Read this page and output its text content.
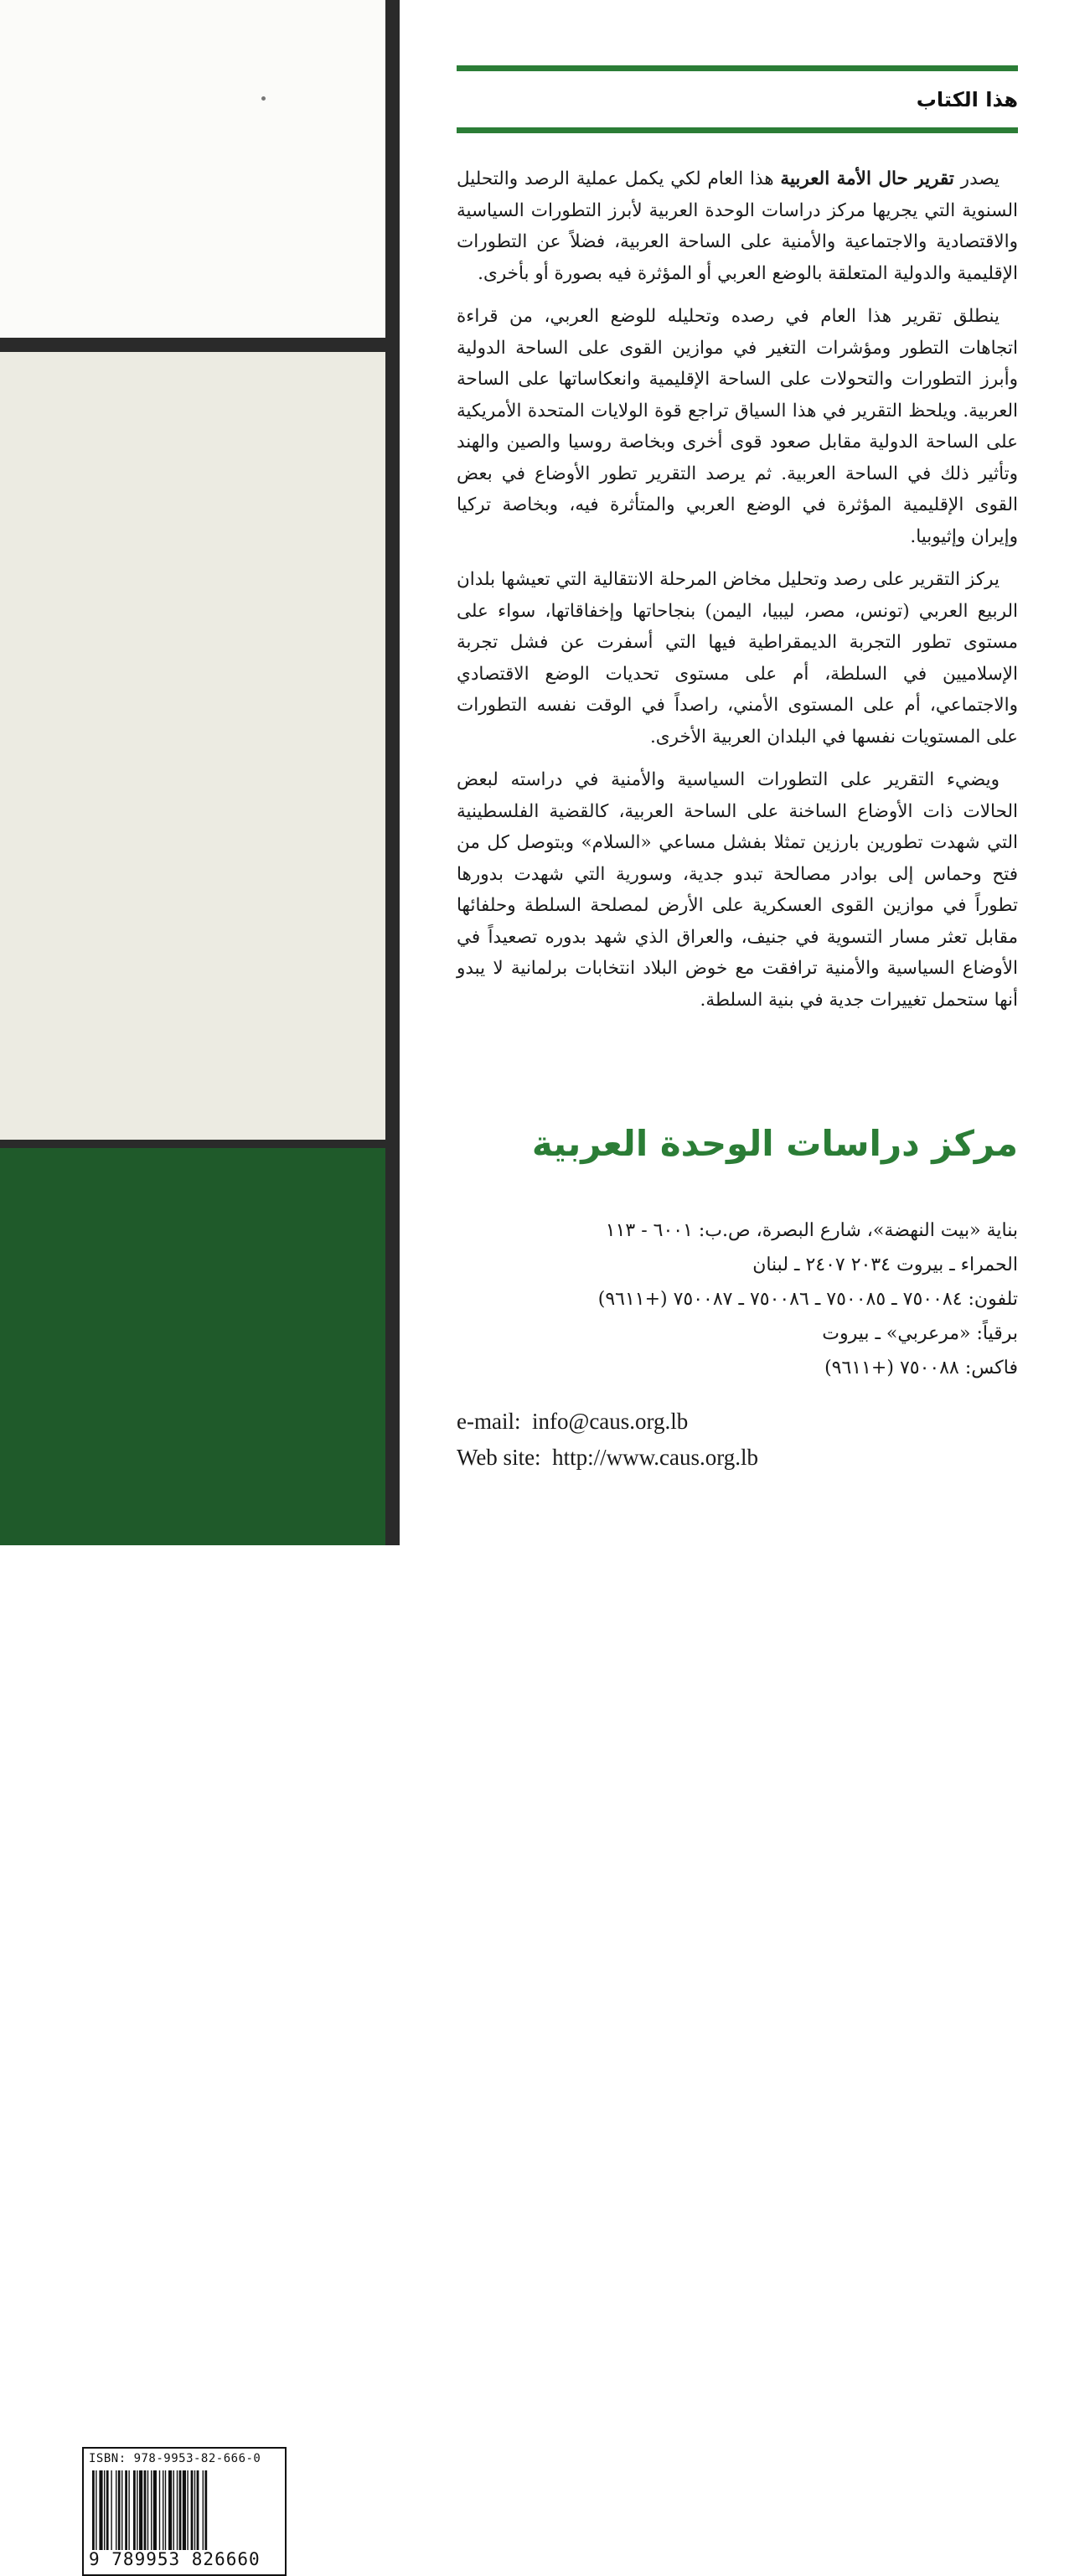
الثمن: ١٧ دولاراً
أو ما يعادلها
ISBN: 978-9953-82-666-0
9 789953 826660
هذا الكتاب

يصدر تقرير حال الأمة العربية هذا العام لكي يكمل عملية الرصد والتحليل السنوية التي يجريها مركز دراسات الوحدة العربية لأبرز التطورات السياسية والاقتصادية والاجتماعية والأمنية على الساحة العربية، فضلاً عن التطورات الإقليمية والدولية المتعلقة بالوضع العربي أو المؤثرة فيه بصورة أو بأخرى.

ينطلق تقرير هذا العام في رصده وتحليله للوضع العربي، من قراءة اتجاهات التطور ومؤشرات التغير في موازين القوى على الساحة الدولية وأبرز التطورات والتحولات على الساحة الإقليمية وانعكاساتها على الساحة العربية. ويلحظ التقرير في هذا السياق تراجع قوة الولايات المتحدة الأمريكية على الساحة الدولية مقابل صعود قوى أخرى وبخاصة روسيا والصين والهند وتأثير ذلك في الساحة العربية. ثم يرصد التقرير تطور الأوضاع في بعض القوى الإقليمية المؤثرة في الوضع العربي والمتأثرة فيه، وبخاصة تركيا وإيران وإثيوبيا.

يركز التقرير على رصد وتحليل مخاض المرحلة الانتقالية التي تعيشها بلدان الربيع العربي (تونس، مصر، ليبيا، اليمن) بنجاحاتها وإخفاقاتها، سواء على مستوى تطور التجربة الديمقراطية فيها التي أسفرت عن فشل تجربة الإسلاميين في السلطة، أم على مستوى تحديات الوضع الاقتصادي والاجتماعي، أم على المستوى الأمني، راصداً في الوقت نفسه التطورات على المستويات نفسها في البلدان العربية الأخرى.

ويضيء التقرير على التطورات السياسية والأمنية في دراسته لبعض الحالات ذات الأوضاع الساخنة على الساحة العربية، كالقضية الفلسطينية التي شهدت تطورين بارزين تمثلا بفشل مساعي «السلام» وبتوصل كل من فتح وحماس إلى بوادر مصالحة تبدو جدية، وسورية التي شهدت بدورها تطوراً في موازين القوى العسكرية على الأرض لمصلحة السلطة وحلفائها مقابل تعثر مسار التسوية في جنيف، والعراق الذي شهد بدوره تصعيداً في الأوضاع السياسية والأمنية ترافقت مع خوض البلاد انتخابات برلمانية لا يبدو أنها ستحمل تغييرات جدية في بنية السلطة.

مركز دراسات الوحدة العربية
بناية «بيت النهضة»، شارع البصرة، ص.ب: ٦٠٠١ - ١١٣
الحمراء ـ بيروت ٢٠٣٤ ٢٤٠٧ ـ لبنان
تلفون: ٧٥٠٠٨٤ ـ ٧٥٠٠٨٥ ـ ٧٥٠٠٨٦ ـ ٧٥٠٠٨٧ (+٩٦١١)
برقياً: «مرعربي» ـ بيروت
فاكس: ٧٥٠٠٨٨ (+٩٦١١)
e-mail: info@caus.org.lb
Web site: http://www.caus.org.lb
